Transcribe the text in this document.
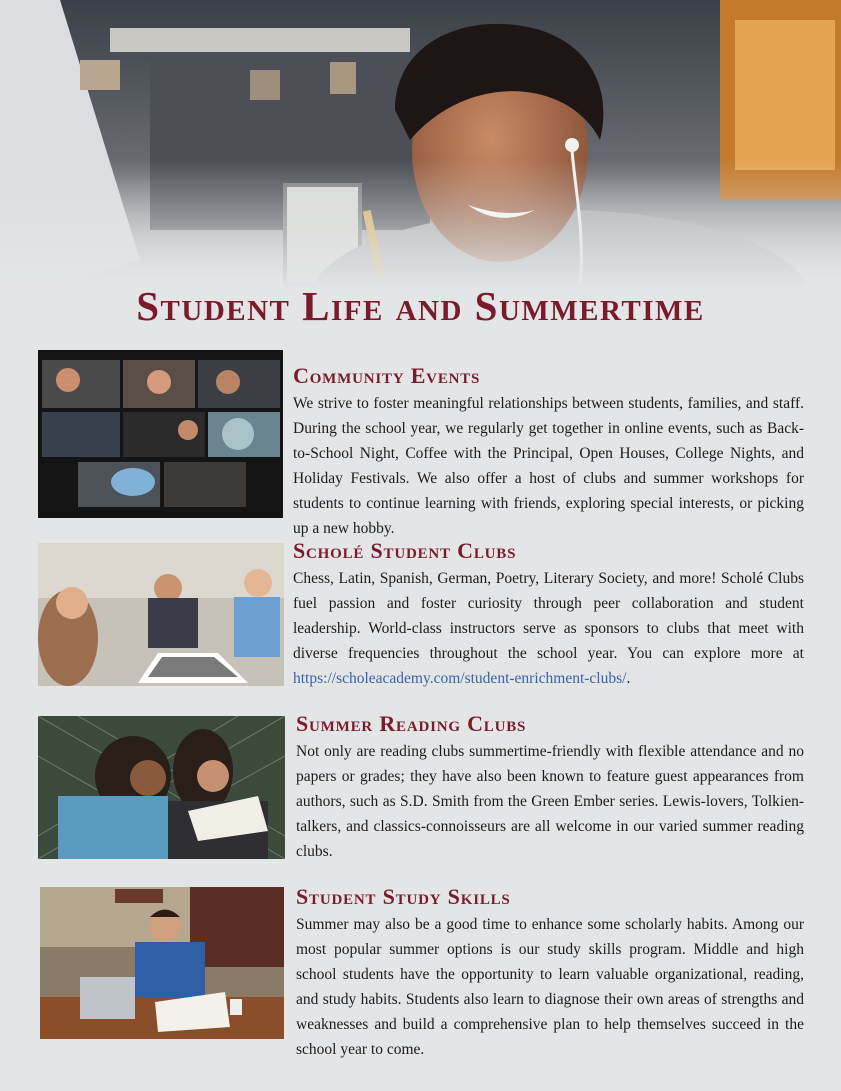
Student Life and Summertime
Community Events

We strive to foster meaningful relationships between students, families, and staff. During the school year, we regularly get together in online events, such as Back-to-School Night, Coffee with the Principal, Open Houses, College Nights, and Holiday Festivals. We also offer a host of clubs and summer workshops for students to continue learning with friends, exploring special interests, or picking up a new hobby.

Scholé Student Clubs

Chess, Latin, Spanish, German, Poetry, Literary Society, and more! Scholé Clubs fuel passion and foster curiosity through peer collaboration and student leadership. World-class instructors serve as sponsors to clubs that meet with diverse frequencies throughout the school year. You can explore more at https://scholeacademy.com/student-enrichment-clubs/.

Summer Reading Clubs

Not only are reading clubs summertime-friendly with flexible attendance and no papers or grades; they have also been known to feature guest appearances from authors, such as S.D. Smith from the Green Ember series. Lewis-lovers, Tolkien-talkers, and classics-connoisseurs are all welcome in our varied summer reading clubs.

Student Study Skills

Summer may also be a good time to enhance some scholarly habits. Among our most popular summer options is our study skills program. Middle and high school students have the opportunity to learn valuable organizational, reading, and study habits. Students also learn to diagnose their own areas of strengths and weaknesses and build a comprehensive plan to help themselves succeed in the school year to come.
